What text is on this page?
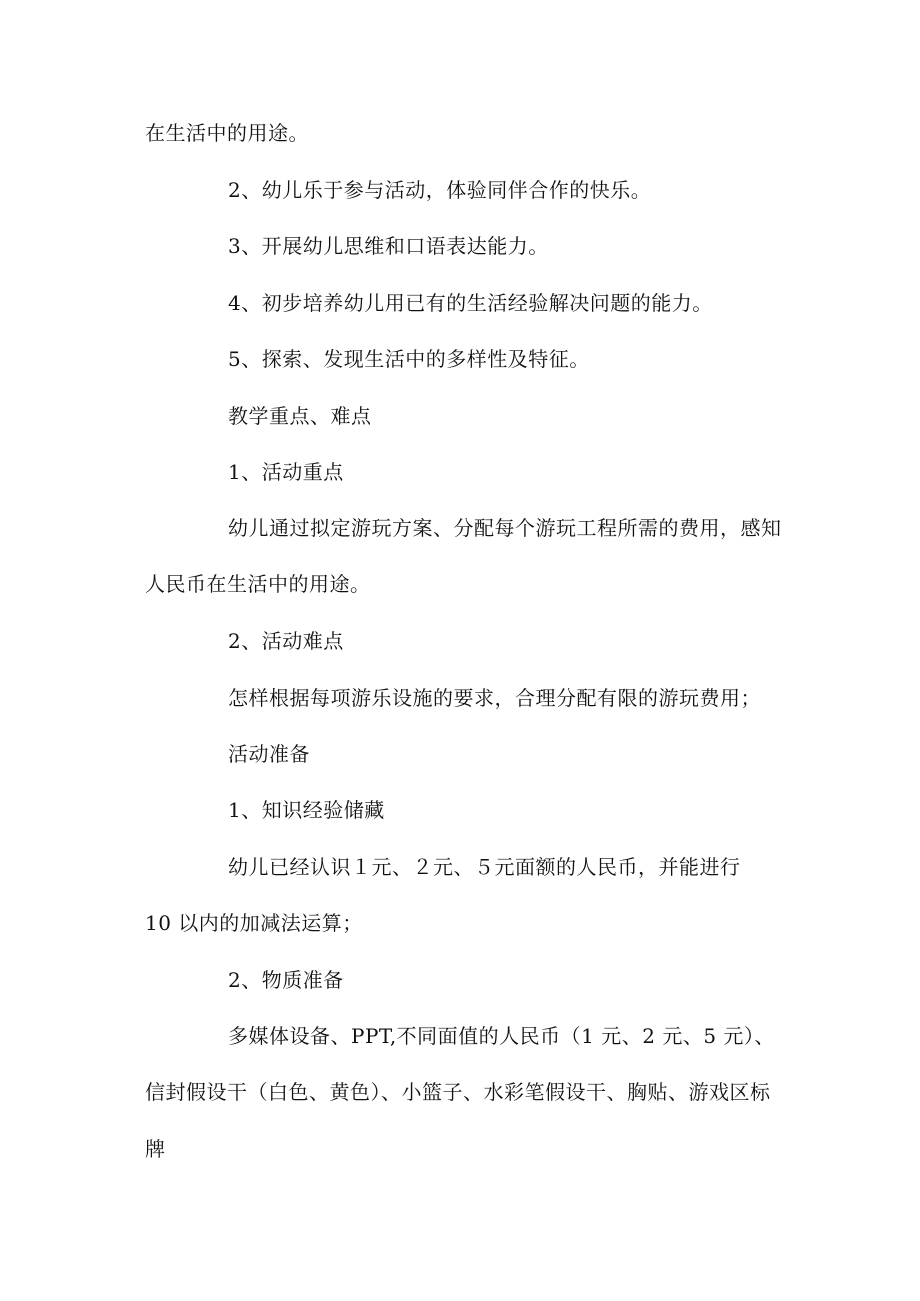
在生活中的用途。
2、幼儿乐于参与活动，体验同伴合作的快乐。
3、开展幼儿思维和口语表达能力。
4、初步培养幼儿用已有的生活经验解决问题的能力。
5、探索、发现生活中的多样性及特征。
教学重点、难点
1、活动重点
幼儿通过拟定游玩方案、分配每个游玩工程所需的费用，感知
人民币在生活中的用途。
2、活动难点
怎样根据每项游乐设施的要求，合理分配有限的游玩费用；
活动准备
1、知识经验储藏
幼儿已经认识１元、２元、５元面额的人民币，并能进行
10 以内的加减法运算；
2、物质准备
多媒体设备、PPT,不同面值的人民币（1 元、2 元、5 元）、
信封假设干（白色、黄色）、小篮子、水彩笔假设干、胸贴、游戏区标
牌
